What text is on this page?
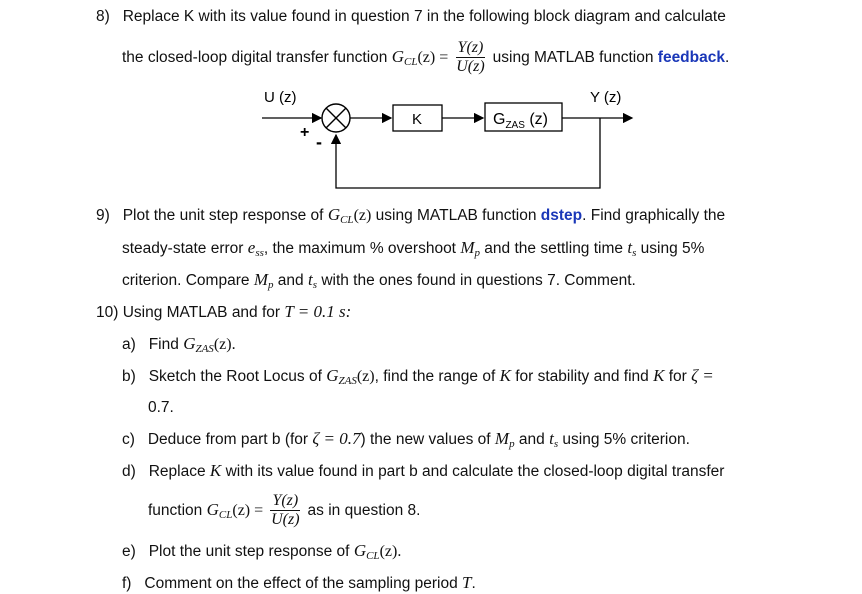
8) Replace K with its value found in question 7 in the following block diagram and calculate
the closed-loop digital transfer function $G_{CL}(z) = \frac{Y(z)}{U(z)}$ using MATLAB function feedback.
U (z)	Y (z)
+ -
K	$G_{ZAS}$ (z)
9) Plot the unit step response of $G_{CL}(z)$ using MATLAB function dstep. Find graphically the
steady-state error $e_{ss}$, the maximum % overshoot $M_p$ and the settling time $t_s$ using 5%
criterion. Compare $M_p$ and $t_s$ with the ones found in questions 7. Comment.
10) Using MATLAB and for T = 0.1 s:
a) Find $G_{ZAS}(z)$.
b) Sketch the Root Locus of $G_{ZAS}(z)$, find the range of K for stability and find K for ζ =
0.7.
c) Deduce from part b (for ζ = 0.7) the new values of $M_p$ and $t_s$ using 5% criterion.
d) Replace K with its value found in part b and calculate the closed-loop digital transfer
function $G_{CL}(z) = \frac{Y(z)}{U(z)}$ as in question 8.
e) Plot the unit step response of $G_{CL}(z)$.
f) Comment on the effect of the sampling period T.
